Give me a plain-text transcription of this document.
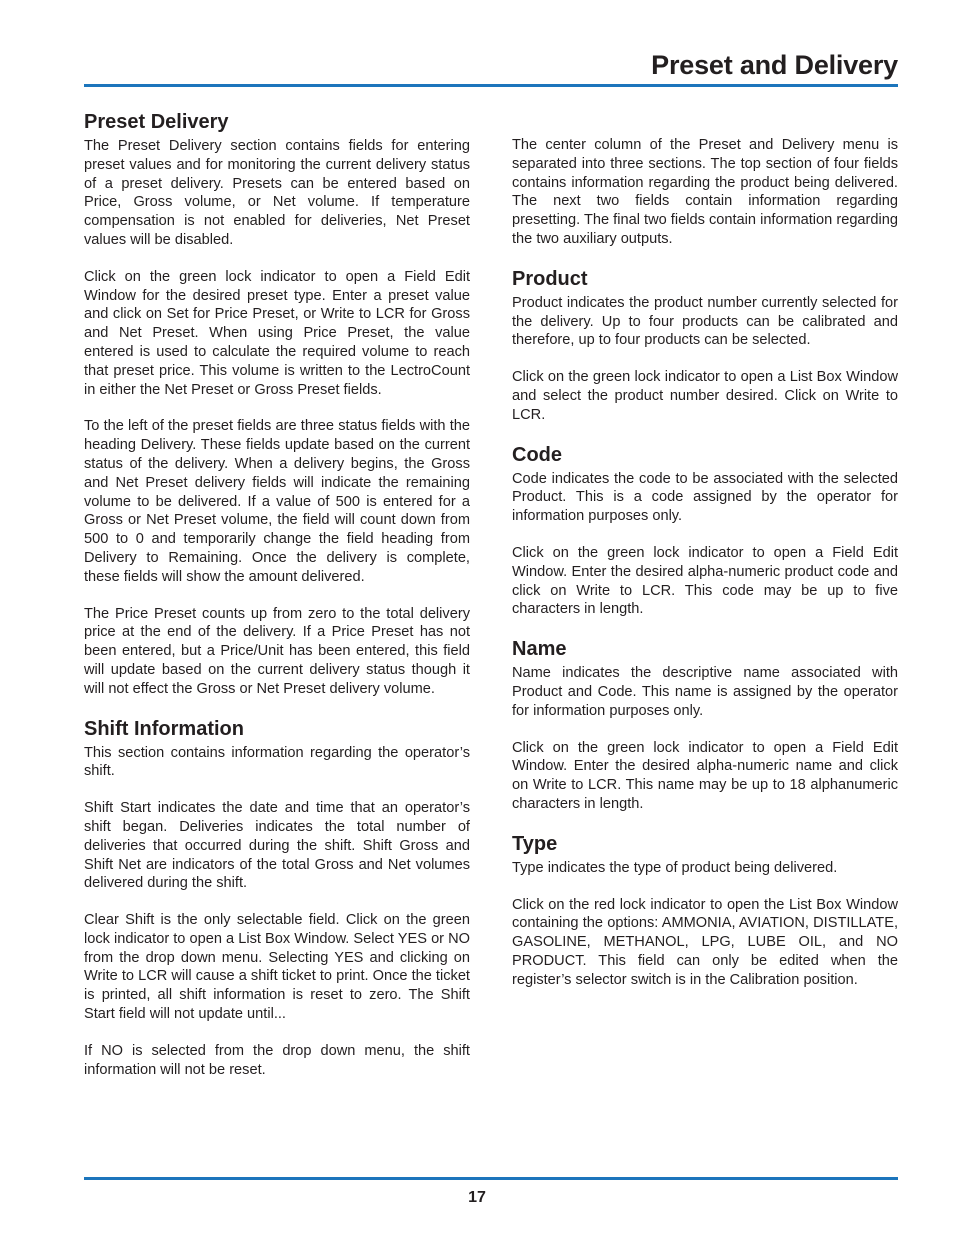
Preset and Delivery
Preset Delivery

The Preset Delivery section contains fields for entering preset values and for monitoring the current delivery status of a preset delivery. Presets can be entered based on Price, Gross volume, or Net volume. If temperature compensation is not enabled for deliveries, Net Preset values will be disabled.

Click on the green lock indicator to open a Field Edit Window for the desired preset type. Enter a preset value and click on Set for Price Preset, or Write to LCR for Gross and Net Preset. When using Price Preset, the value entered is used to calculate the required volume to reach that preset price. This volume is written to the LectroCount in either the Net Preset or Gross Preset fields.

To the left of the preset fields are three status fields with the heading Delivery. These fields update based on the current status of the delivery. When a delivery begins, the Gross and Net Preset delivery fields will indicate the remaining volume to be delivered. If a value of 500 is entered for a Gross or Net Preset volume, the field will count down from 500 to 0 and temporarily change the field heading from Delivery to Remaining. Once the delivery is complete, these fields will show the amount delivered.

The Price Preset counts up from zero to the total delivery price at the end of the delivery. If a Price Preset has not been entered, but a Price/Unit has been entered, this field will update based on the current delivery status though it will not effect the Gross or Net Preset delivery volume.

Shift Information

This section contains information regarding the operator’s shift.

Shift Start indicates the date and time that an operator’s shift began. Deliveries indicates the total number of deliveries that occurred during the shift. Shift Gross and Shift Net are indicators of the total Gross and Net volumes delivered during the shift.

Clear Shift is the only selectable field. Click on the green lock indicator to open a List Box Window. Select YES or NO from the drop down menu. Selecting YES and clicking on Write to LCR will cause a shift ticket to print. Once the ticket is printed, all shift information is reset to zero. The Shift Start field will not update until...

If NO is selected from the drop down menu, the shift information will not be reset.

The center column of the Preset and Delivery menu is separated into three sections. The top section of four fields contains information regarding the product being delivered. The next two fields contain information regarding presetting. The final two fields contain information regarding the two auxiliary outputs.

Product

Product indicates the product number currently selected for the delivery. Up to four products can be calibrated and therefore, up to four products can be selected.

Click on the green lock indicator to open a List Box Window and select the product number desired. Click on Write to LCR.

Code

Code indicates the code to be associated with the selected Product. This is a code assigned by the operator for information purposes only.

Click on the green lock indicator to open a Field Edit Window. Enter the desired alpha-numeric product code and click on Write to LCR. This code may be up to five characters in length.

Name

Name indicates the descriptive name associated with Product and Code. This name is assigned by the operator for information purposes only.

Click on the green lock indicator to open a Field Edit Window. Enter the desired alpha-numeric name and click on Write to LCR. This name may be up to 18 alphanumeric characters in length.

Type

Type indicates the type of product being delivered.

Click on the red lock indicator to open the List Box Window containing the options: AMMONIA, AVIATION, DISTILLATE, GASOLINE, METHANOL, LPG, LUBE OIL, and NO PRODUCT. This field can only be edited when the register’s selector switch is in the Calibration position.

17
